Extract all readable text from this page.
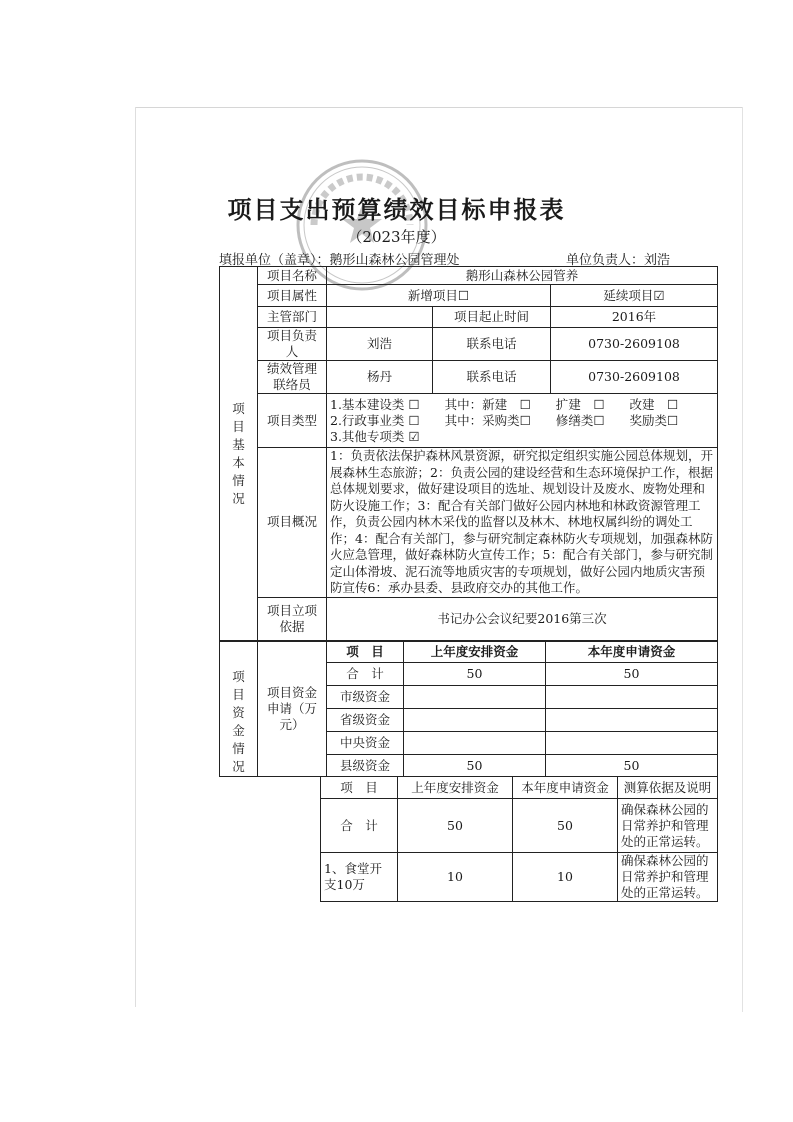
项目支出预算绩效目标申报表
（2023年度）
填报单位（盖章）：鹅形山森林公园管理处	单位负责人：刘浩
项目基本情况	项目名称	鹅形山森林公园管养		
	项目属性	新增项目☐		延续项目☑
	主管部门		项目起止时间	2016年
	项目负责人	刘浩	联系电话	0730-2609108
	绩效管理联络员	杨丹	联系电话	0730-2609108
	项目类型	1.基本建设类 ☐　　其中：新建　☐　　扩建　☐　　改建　☐　　2.行政事业类 ☐　　其中：采购类☐　　修缮类☐　　奖励类☐　　3.其他专项类 ☑		
	项目概况	1：负责依法保护森林风景资源，研究拟定组织实施公园总体规划，开展森林生态旅游；2：负责公园的建设经营和生态环境保护工作，根据总体规划要求，做好建设项目的选址、规划设计及废水、废物处理和防火设施工作；3：配合有关部门做好公园内林地和林政资源管理工作，负责公园内林木采伐的监督以及林木、林地权属纠纷的调处工作；4：配合有关部门，参与研究制定森林防火专项规划，加强森林防火应急管理，做好森林防火宣传工作；5：配合有关部门，参与研究制定山体滑坡、泥石流等地质灾害的专项规划，做好公园内地质灾害预防宣传6：承办县委、县政府交办的其他工作。		
	项目立项依据	书记办公会议纪要2016第三次		
项目资金情况	项目资金申请（万元）	项　目	上年度安排资金	本年度申请资金
		合　计	50	50
		市级资金		
		省级资金		
		中央资金		
		县级资金	50	50
项　目	上年度安排资金	本年度申请资金	测算依据及说明
合　计	50	50	确保森林公园的日常养护和管理处的正常运转。
1、食堂开支10万	10	10	确保森林公园的日常养护和管理处的正常运转。
